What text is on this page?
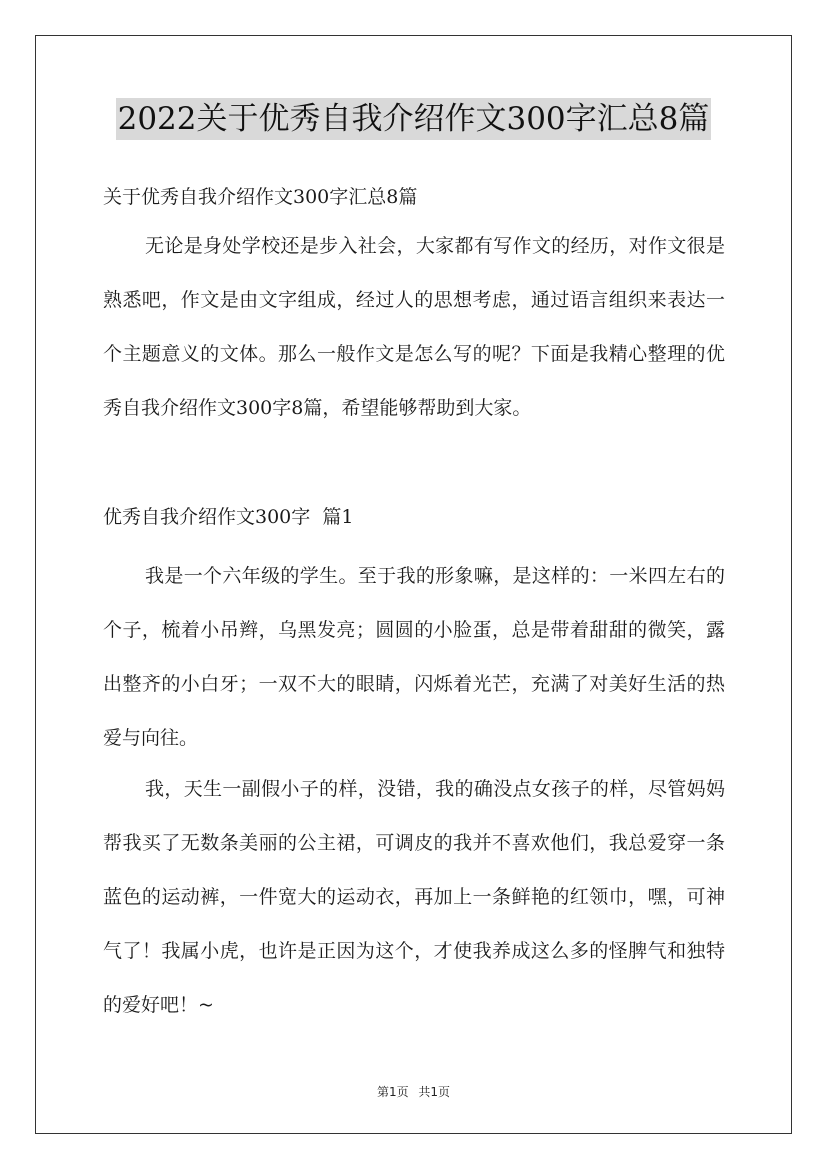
2022关于优秀自我介绍作文300字汇总8篇
关于优秀自我介绍作文300字汇总8篇

无论是身处学校还是步入社会，大家都有写作文的经历，对作文很是熟悉吧，作文是由文字组成，经过人的思想考虑，通过语言组织来表达一个主题意义的文体。那么一般作文是怎么写的呢？下面是我精心整理的优秀自我介绍作文300字8篇，希望能够帮助到大家。

优秀自我介绍作文300字  篇1

我是一个六年级的学生。至于我的形象嘛，是这样的：一米四左右的个子，梳着小吊辫，乌黑发亮；圆圆的小脸蛋，总是带着甜甜的微笑，露出整齐的小白牙；一双不大的眼睛，闪烁着光芒，充满了对美好生活的热爱与向往。

我，天生一副假小子的样，没错，我的确没点女孩子的样，尽管妈妈帮我买了无数条美丽的公主裙，可调皮的我并不喜欢他们，我总爱穿一条蓝色的运动裤，一件宽大的运动衣，再加上一条鲜艳的红领巾，嘿，可神气了！我属小虎，也许是正因为这个，才使我养成这么多的怪脾气和独特的爱好吧！~

第1页 共1页
